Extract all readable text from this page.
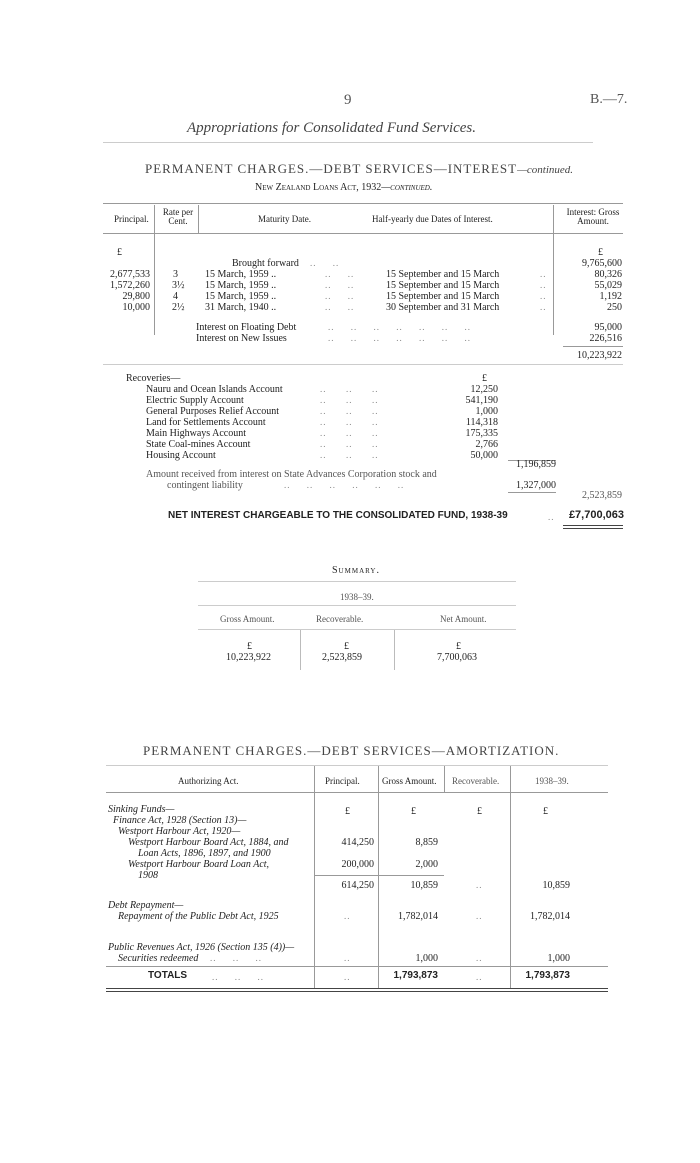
9	B.—7.
Appropriations for Consolidated Fund Services.
PERMANENT CHARGES.—DEBT SERVICES—INTEREST—continued.
New Zealand Loans Act, 1932—continued.
Principal.
Rate per Cent.	Maturity Date.	Half-yearly due Dates of Interest.
Interest: Gross Amount.
£	£
Brought forward ..     ..	9,765,600
2,677,533 3	15 March, 1959 ..	..     ..	15 September and 15 March	..	80,326
1,572,260 3½ 15 March, 1959 ..	..     ..	15 September and 15 March	..	55,029
29,800 4	15 March, 1959 ..	..     ..	15 September and 15 March	..	1,192
10,000 2½ 31 March, 1940 ..	..     ..	30 September and 31 March	..	250
Interest on Floating Debt	..     ..     ..     ..     ..     ..     ..	95,000
Interest on New Issues	..     ..     ..     ..     ..     ..     ..	226,516
10,223,922
Recoveries—	£
Nauru and Ocean Islands Account	..      ..      ..	12,250
Electric Supply Account	..      ..      ..	541,190
General Purposes Relief Account	..      ..      ..	1,000
Land for Settlements Account	..      ..      ..	114,318
Main Highways Account	..      ..      ..	175,335
State Coal-mines Account	..      ..      ..	2,766
Housing Account	..      ..      ..	50,000
1,196,859
Amount received from interest on State Advances Corporation stock and
contingent liability	..     ..     ..     ..     ..     ..	1,327,000
2,523,859
NET INTEREST CHARGEABLE TO THE CONSOLIDATED FUND, 1938-39	..	£7,700,063
Summary.
1938–39.
Gross Amount.	Recoverable.	Net Amount.
£	£	£
10,223,922	2,523,859	7,700,063
PERMANENT CHARGES.—DEBT SERVICES—AMORTIZATION.
Authorizing Act.	Principal. Gross Amount. Recoverable.	1938–39.
Sinking Funds—	£	£	£	£
Finance Act, 1928 (Section 13)—
Westport Harbour Act, 1920—
Westport Harbour Board Act, 1884, and
Loan Acts, 1896, 1897, and 1900
414,250	8,859
Westport Harbour Board Loan Act,
1908
200,000	2,000
614,250	10,859	..	10,859
Debt Repayment—
Repayment of the Public Debt Act, 1925	..	1,782,014	..	1,782,014
Public Revenues Act, 1926 (Section 135 (4))—
Securities redeemed ..     ..     ..	..	1,000	..	1,000
TOTALS	..     ..     ..	..	1,793,873	..	1,793,873
